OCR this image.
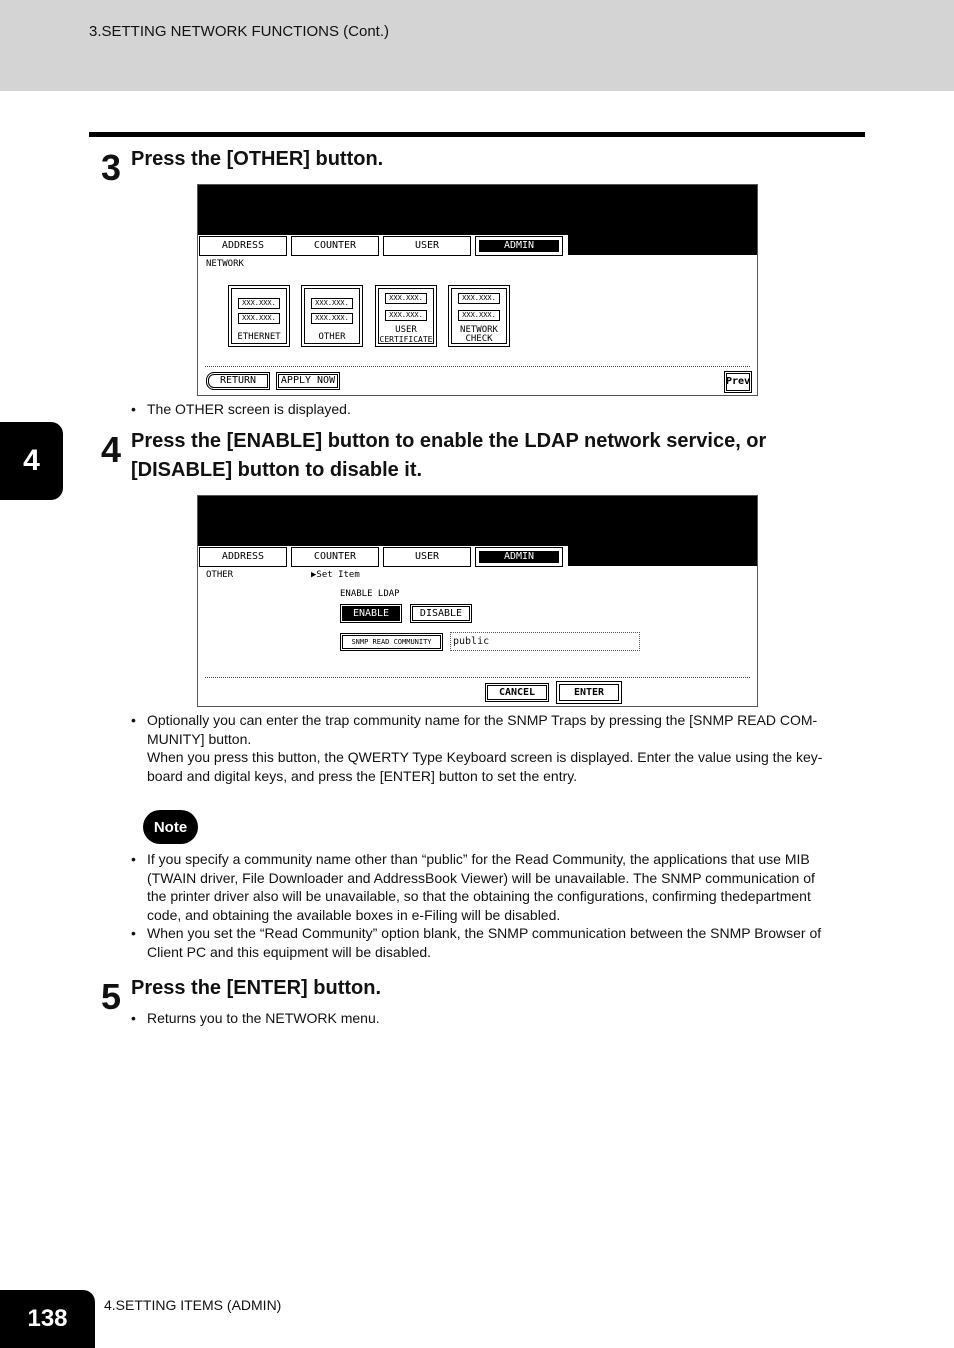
3.SETTING NETWORK FUNCTIONS (Cont.)
4
3 Press the [OTHER] button.
ADDRESS	COUNTER	USER	ADMIN
NETWORK
XXX.XXX.
XXX.XXX.
ETHERNET
XXX.XXX.
XXX.XXX.
OTHER
XXX.XXX.
XXX.XXX.
USER
CERTIFICATE
XXX.XXX.
XXX.XXX.
NETWORK
CHECK
RETURN	APPLY NOW	Prev
• The OTHER screen is displayed.
4 Press the [ENABLE] button to enable the LDAP network service, or
[DISABLE] button to disable it.
ADDRESS	COUNTER	USER	ADMIN
OTHER	▶Set Item
ENABLE LDAP
ENABLE	DISABLE
SNMP READ COMMUNITY	public
CANCEL	ENTER
• Optionally you can enter the trap community name for the SNMP Traps by pressing the [SNMP READ COM-
MUNITY] button.
When you press this button, the QWERTY Type Keyboard screen is displayed. Enter the value using the key-
board and digital keys, and press the [ENTER] button to set the entry.
Note
• If you specify a community name other than “public” for the Read Community, the applications that use MIB
(TWAIN driver, File Downloader and AddressBook Viewer) will be unavailable. The SNMP communication of
the printer driver also will be unavailable, so that the obtaining the configurations, confirming thedepartment
code, and obtaining the available boxes in e-Filing will be disabled.
• When you set the “Read Community” option blank, the SNMP communication between the SNMP Browser of
Client PC and this equipment will be disabled.
5 Press the [ENTER] button.
• Returns you to the NETWORK menu.
138	4.SETTING ITEMS (ADMIN)
